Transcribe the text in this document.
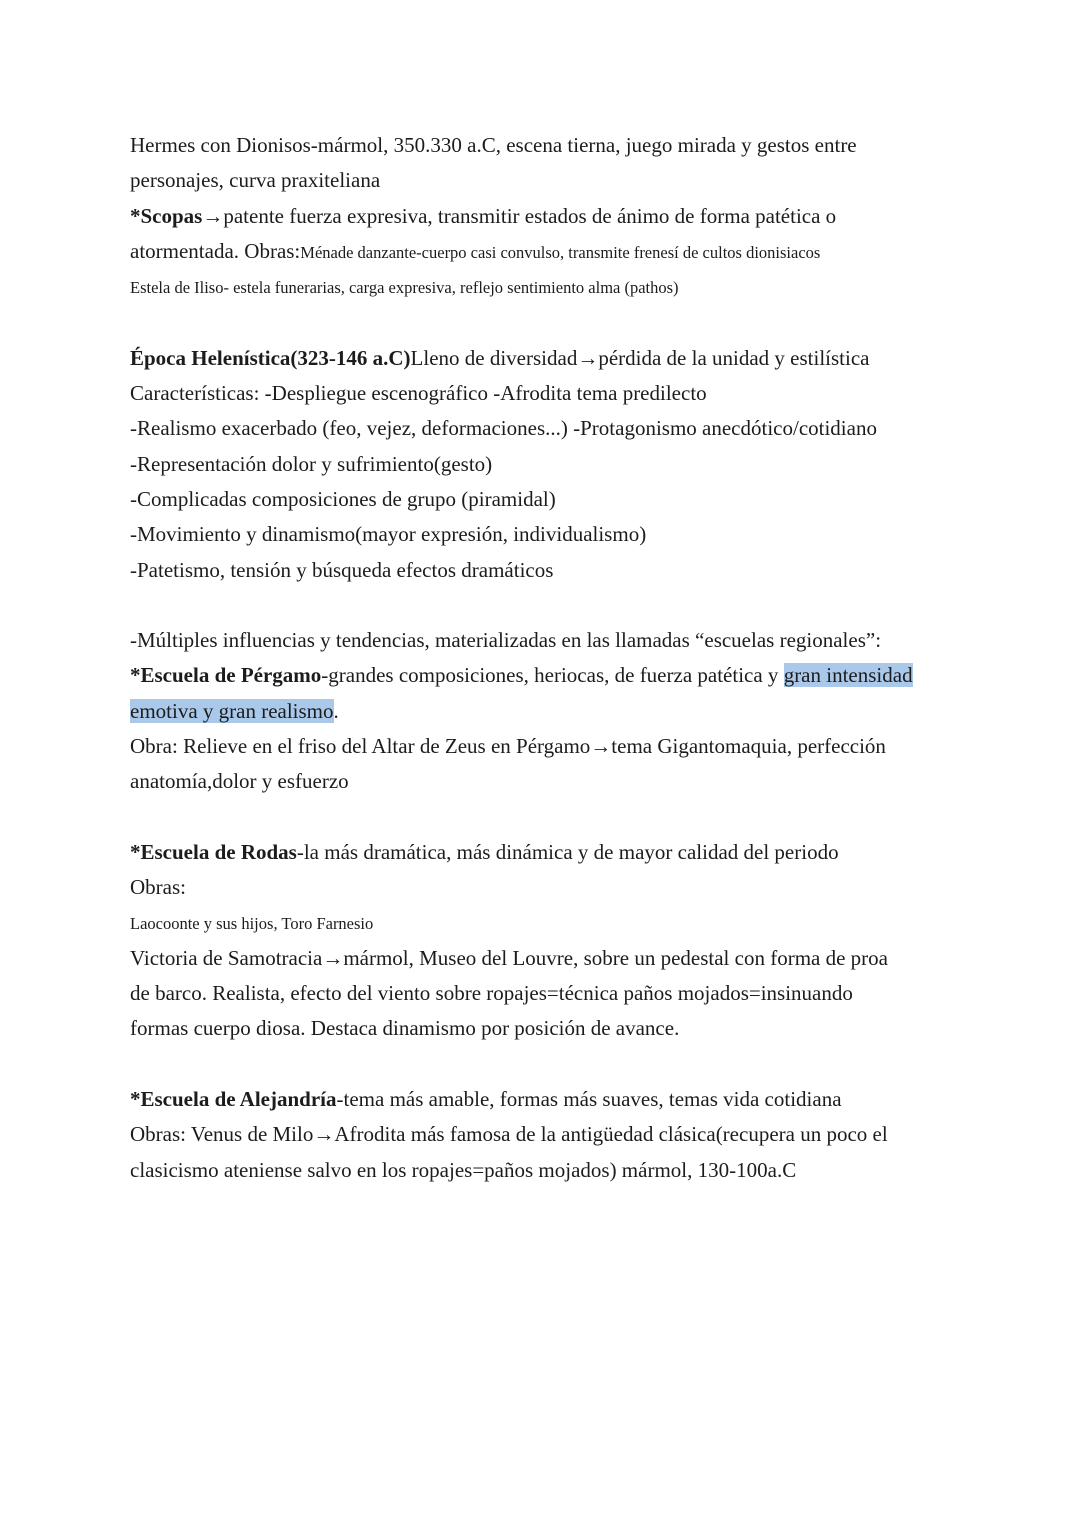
Hermes con Dionisos-mármol, 350.330 a.C, escena tierna, juego mirada y gestos entre
personajes, curva praxiteliana
*Scopas→patente fuerza expresiva, transmitir estados de ánimo de forma patética o
atormentada. Obras:Ménade danzante-cuerpo casi convulso, transmite frenesí de cultos dionisiacos
Estela de Iliso- estela funerarias, carga expresiva, reflejo sentimiento alma (pathos)
Época Helenística(323-146 a.C)Lleno de diversidad→pérdida de la unidad y estilística
Características: -Despliegue escenográfico -Afrodita tema predilecto
-Realismo exacerbado (feo, vejez, deformaciones...) -Protagonismo anecdótico/cotidiano
-Representación dolor y sufrimiento(gesto)
-Complicadas composiciones de grupo (piramidal)
-Movimiento y dinamismo(mayor expresión, individualismo)
-Patetismo, tensión y búsqueda efectos dramáticos
-Múltiples influencias y tendencias, materializadas en las llamadas “escuelas regionales”:
*Escuela de Pérgamo-grandes composiciones, heriocas, de fuerza patética y gran intensidad
emotiva y gran realismo.
Obra: Relieve en el friso del Altar de Zeus en Pérgamo→tema Gigantomaquia, perfección
anatomía,dolor y esfuerzo
*Escuela de Rodas-la más dramática, más dinámica y de mayor calidad del periodo
Obras:
Laocoonte y sus hijos, Toro Farnesio
Victoria de Samotracia→mármol, Museo del Louvre, sobre un pedestal con forma de proa
de barco. Realista, efecto del viento sobre ropajes=técnica paños mojados=insinuando
formas cuerpo diosa. Destaca dinamismo por posición de avance.
*Escuela de Alejandría-tema más amable, formas más suaves, temas vida cotidiana
Obras: Venus de Milo→Afrodita más famosa de la antigüedad clásica(recupera un poco el
clasicismo ateniense salvo en los ropajes=paños mojados) mármol, 130-100a.C
